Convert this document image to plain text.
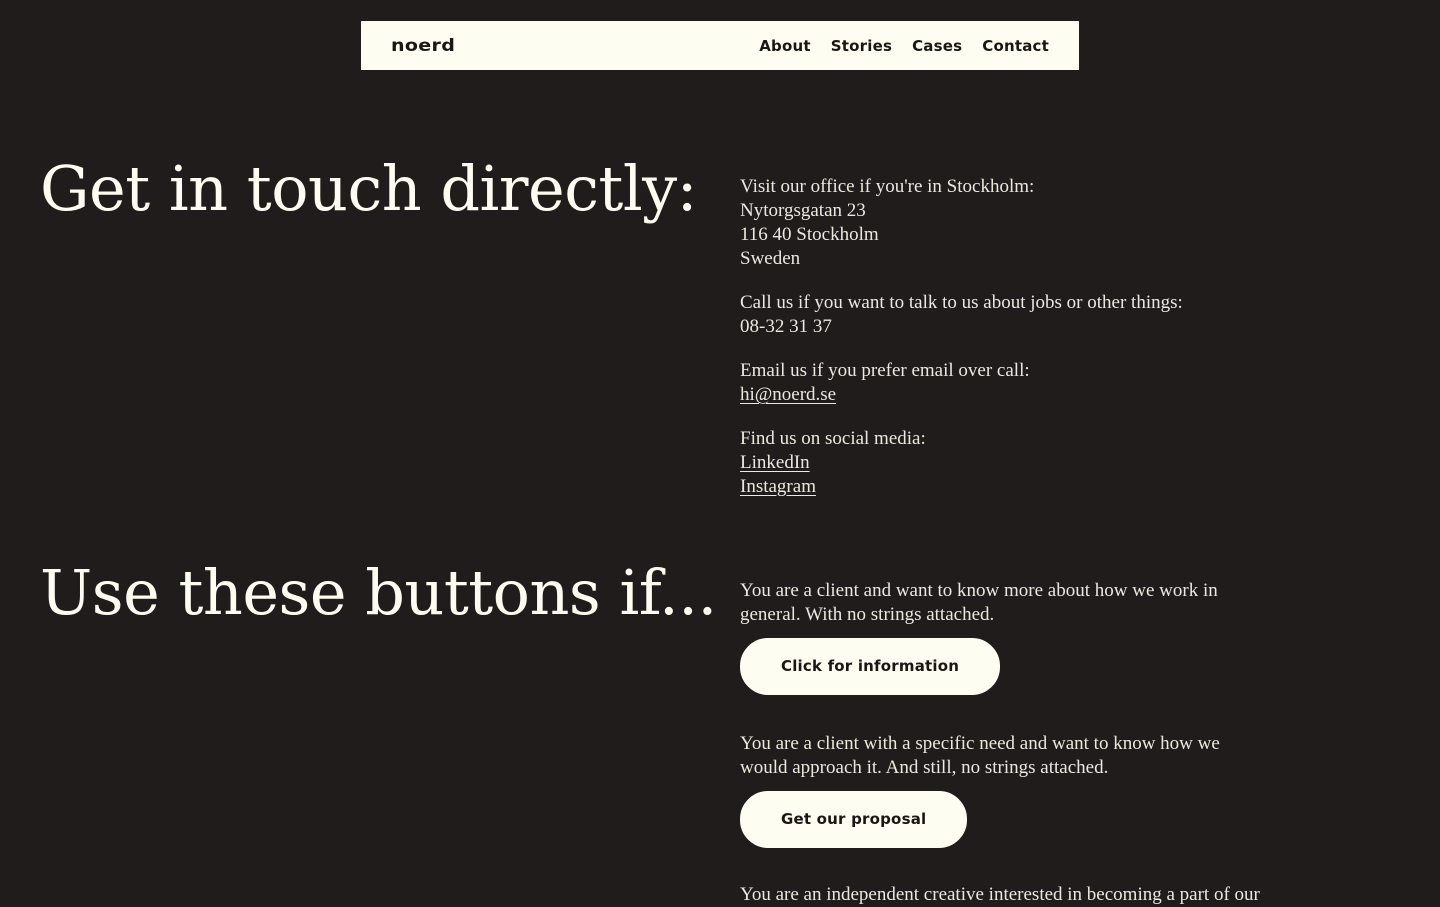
noerd	About Stories Cases Contact
Get in touch directly: Visit our office if you're in Stockholm:
Nytorgsgatan 23
116 40 Stockholm
Sweden
Call us if you want to talk to us about jobs or other things:
08-32 31 37
Email us if you prefer email over call:
hi@noerd.se
Find us on social media:
LinkedIn
Instagram
Use these buttons if... You are a client and want to know more about how we work in general. With no strings attached.

Click for information

You are a client with a specific need and want to know how we would approach it. And still, no strings attached.

Get our proposal

You are an independent creative interested in becoming a part of our
